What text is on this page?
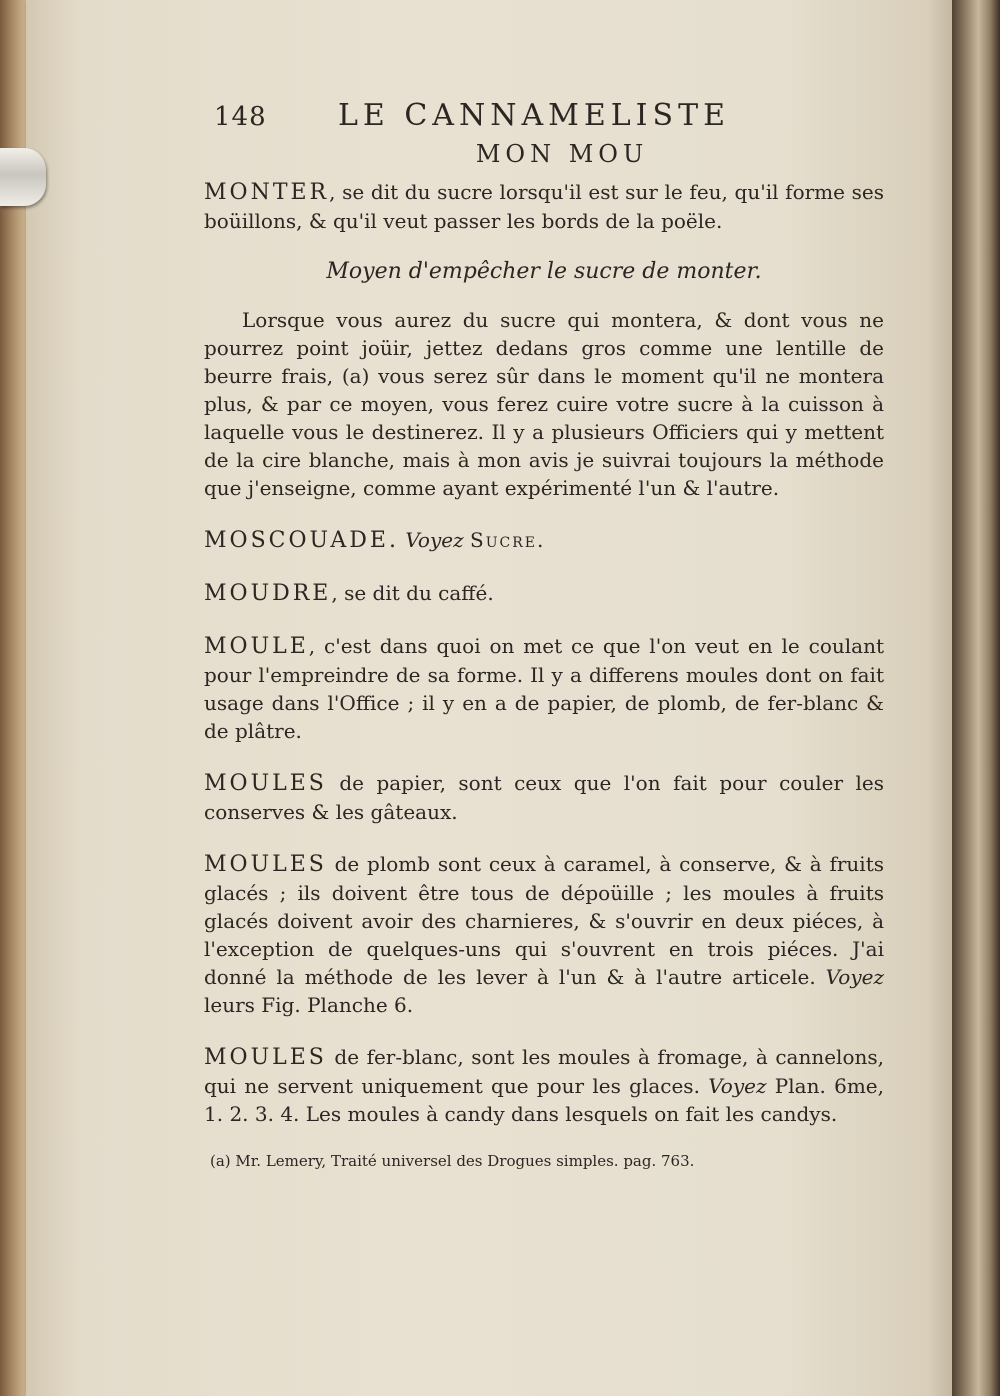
148 LE CANNAMELISTE
MON MOU

MONTER, se dit du sucre lorsqu'il est sur le feu, qu'il forme ses boüillons, & qu'il veut passer les bords de la poële.

Moyen d'empêcher le sucre de monter.

Lorsque vous aurez du sucre qui montera, & dont vous ne pourrez point joüir, jettez dedans gros comme une lentille de beurre frais, (a) vous serez sûr dans le moment qu'il ne montera plus, & par ce moyen, vous ferez cuire votre sucre à la cuisson à laquelle vous le destinerez. Il y a plusieurs Officiers qui y mettent de la cire blanche, mais à mon avis je suivrai toujours la méthode que j'enseigne, comme ayant expérimenté l'un & l'autre.

MOSCOUADE. Voyez Sucre.

MOUDRE, se dit du caffé.

MOULE, c'est dans quoi on met ce que l'on veut en le coulant pour l'empreindre de sa forme. Il y a differens moules dont on fait usage dans l'Office ; il y en a de papier, de plomb, de fer-blanc & de plâtre.

MOULES de papier, sont ceux que l'on fait pour couler les conserves & les gâteaux.

MOULES de plomb sont ceux à caramel, à conserve, & à fruits glacés ; ils doivent être tous de dépoüille ; les moules à fruits glacés doivent avoir des charnieres, & s'ouvrir en deux piéces, à l'exception de quelques-uns qui s'ouvrent en trois piéces. J'ai donné la méthode de les lever à l'un & à l'autre articele. Voyez leurs Fig. Planche 6.

MOULES de fer-blanc, sont les moules à fromage, à cannelons, qui ne servent uniquement que pour les glaces. Voyez Plan. 6me, 1. 2. 3. 4. Les moules à candy dans lesquels on fait les candys.

(a) Mr. Lemery, Traité universel des Drogues simples. pag. 763.
